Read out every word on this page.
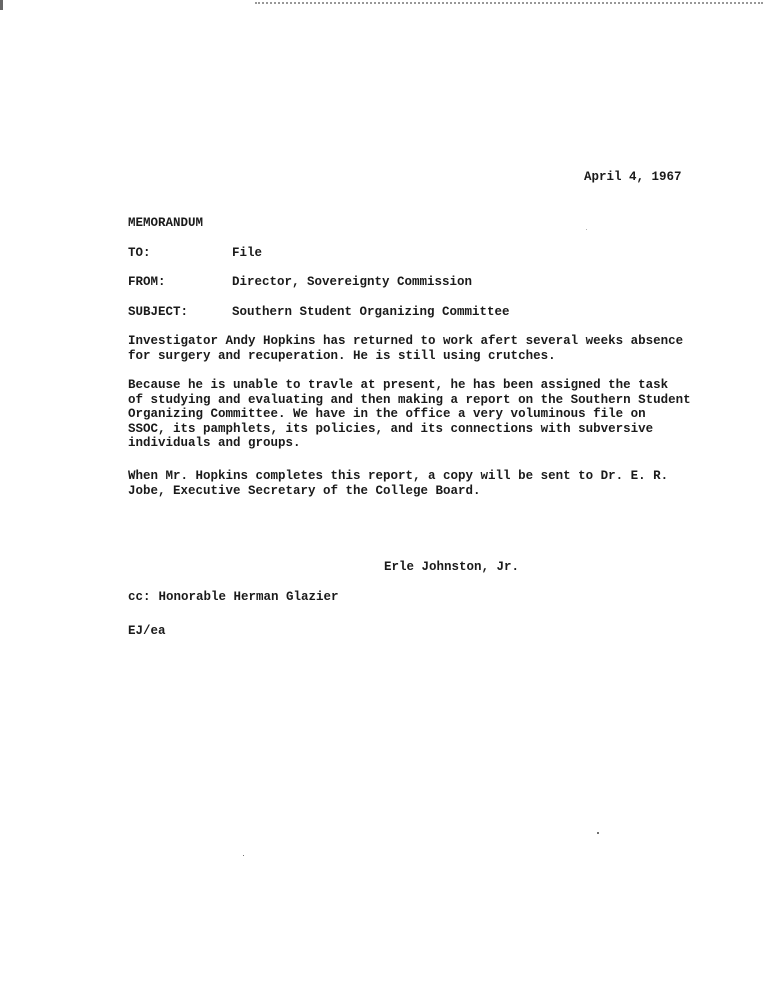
April 4, 1967
MEMORANDUM
TO:	File
FROM:	Director, Sovereignty Commission
SUBJECT:	Southern Student Organizing Committee
Investigator Andy Hopkins has returned to work afert several weeks absence
for surgery and recuperation. He is still using crutches.
Because he is unable to travle at present, he has been assigned the task
of studying and evaluating and then making a report on the Southern Student
Organizing Committee. We have in the office a very voluminous file on
SSOC, its pamphlets, its policies, and its connections with subversive
individuals and groups.
When Mr. Hopkins completes this report, a copy will be sent to Dr. E. R.
Jobe, Executive Secretary of the College Board.
Erle Johnston, Jr.
cc: Honorable Herman Glazier
EJ/ea
